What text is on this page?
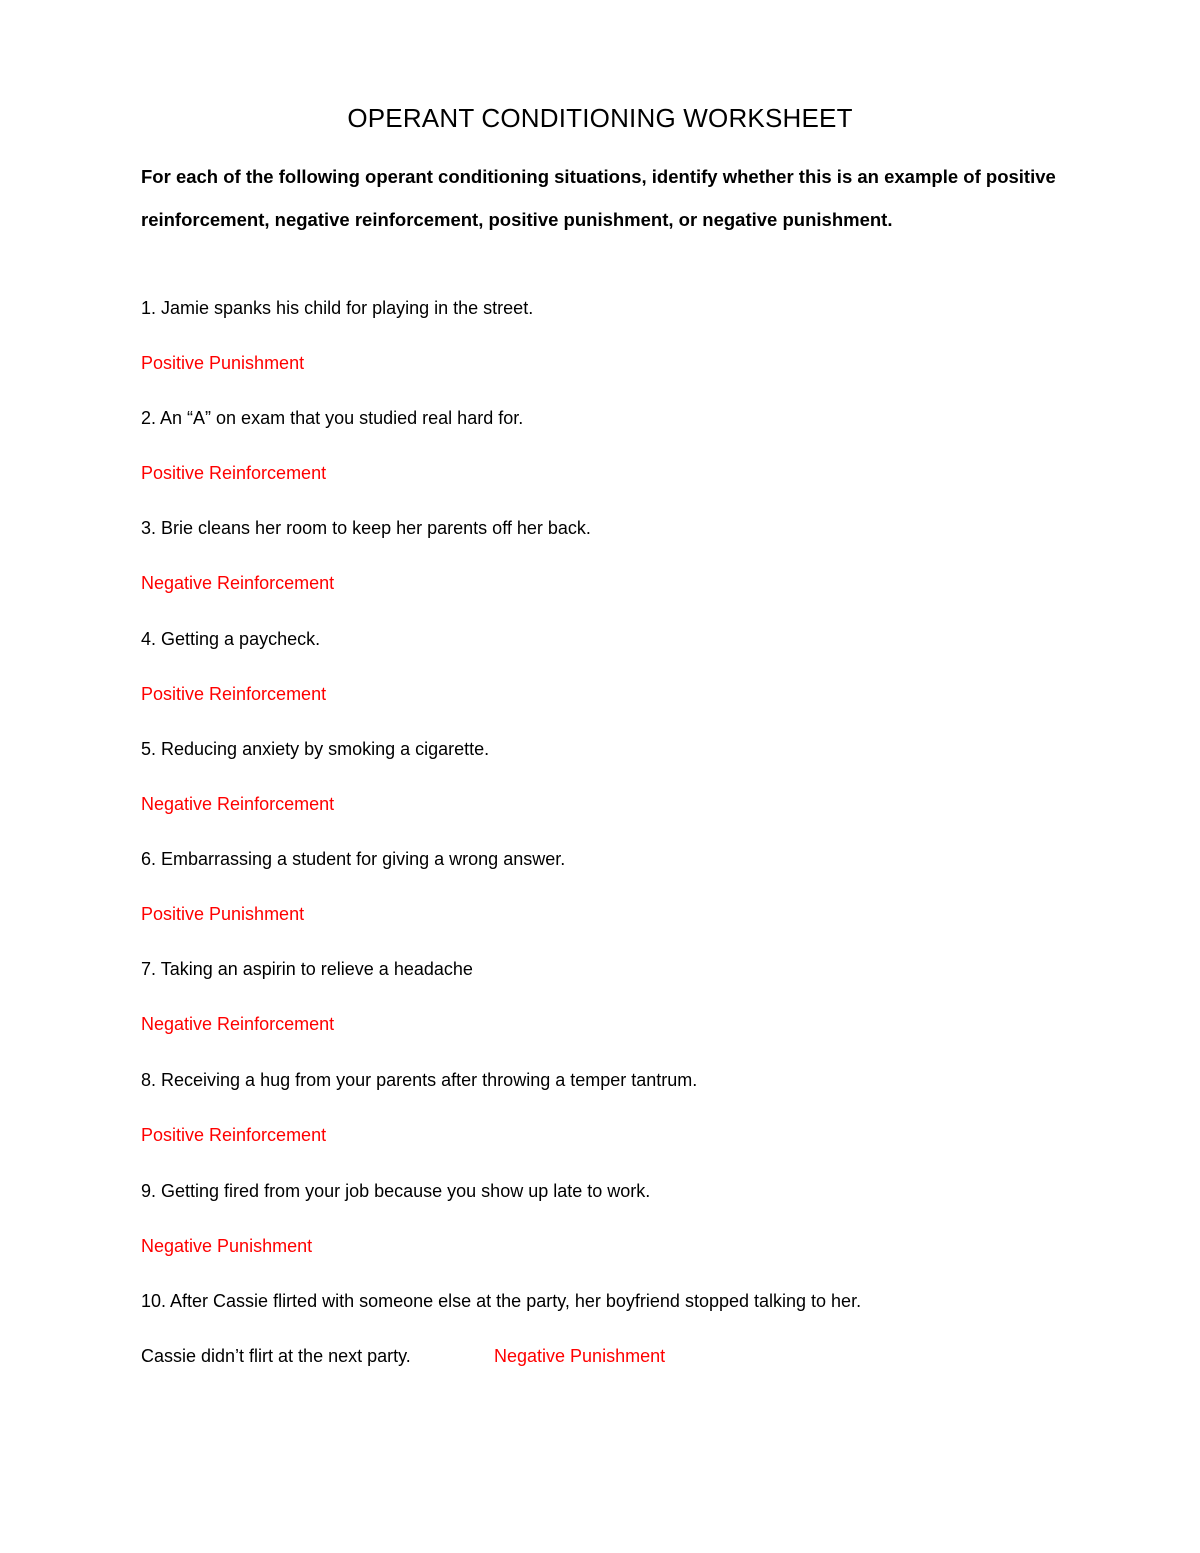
OPERANT CONDITIONING WORKSHEET

For each of the following operant conditioning situations, identify whether this is an example of positive reinforcement, negative reinforcement, positive punishment, or negative punishment.

1. Jamie spanks his child for playing in the street.

Positive Punishment

2. An “A” on exam that you studied real hard for.

Positive Reinforcement

3. Brie cleans her room to keep her parents off her back.

Negative Reinforcement

4. Getting a paycheck.

Positive Reinforcement

5. Reducing anxiety by smoking a cigarette.

Negative Reinforcement

6. Embarrassing a student for giving a wrong answer.

Positive Punishment

7. Taking an aspirin to relieve a headache

Negative Reinforcement

8. Receiving a hug from your parents after throwing a temper tantrum.

Positive Reinforcement

9. Getting fired from your job because you show up late to work.

Negative Punishment

10. After Cassie flirted with someone else at the party, her boyfriend stopped talking to her.

Cassie didn’t flirt at the next party.	Negative Punishment
